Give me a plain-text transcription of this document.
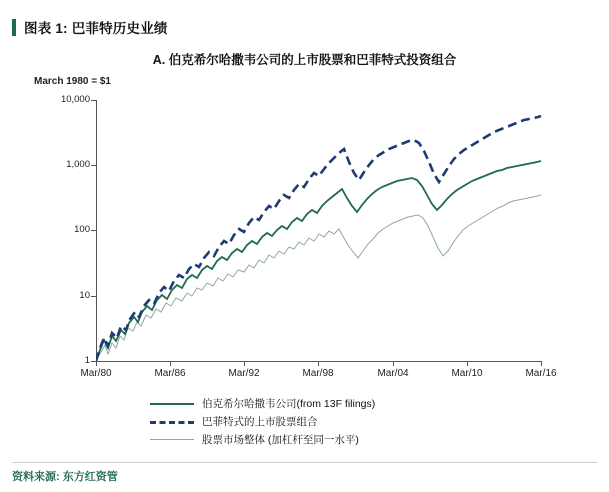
图表 1: 巴菲特历史业绩
A. 伯克希尔哈撒韦公司的上市股票和巴菲特式投资组合
March 1980 = $1
10,000
1,000
100
10
1
Mar/80	Mar/86	Mar/92	Mar/98	Mar/04	Mar/10	Mar/16
伯克希尔哈撒韦公司(from 13F filings)
巴菲特式的上市股票组合
股票市场整体 (加杠杆至同一水平)
资料来源: 东方红资管
